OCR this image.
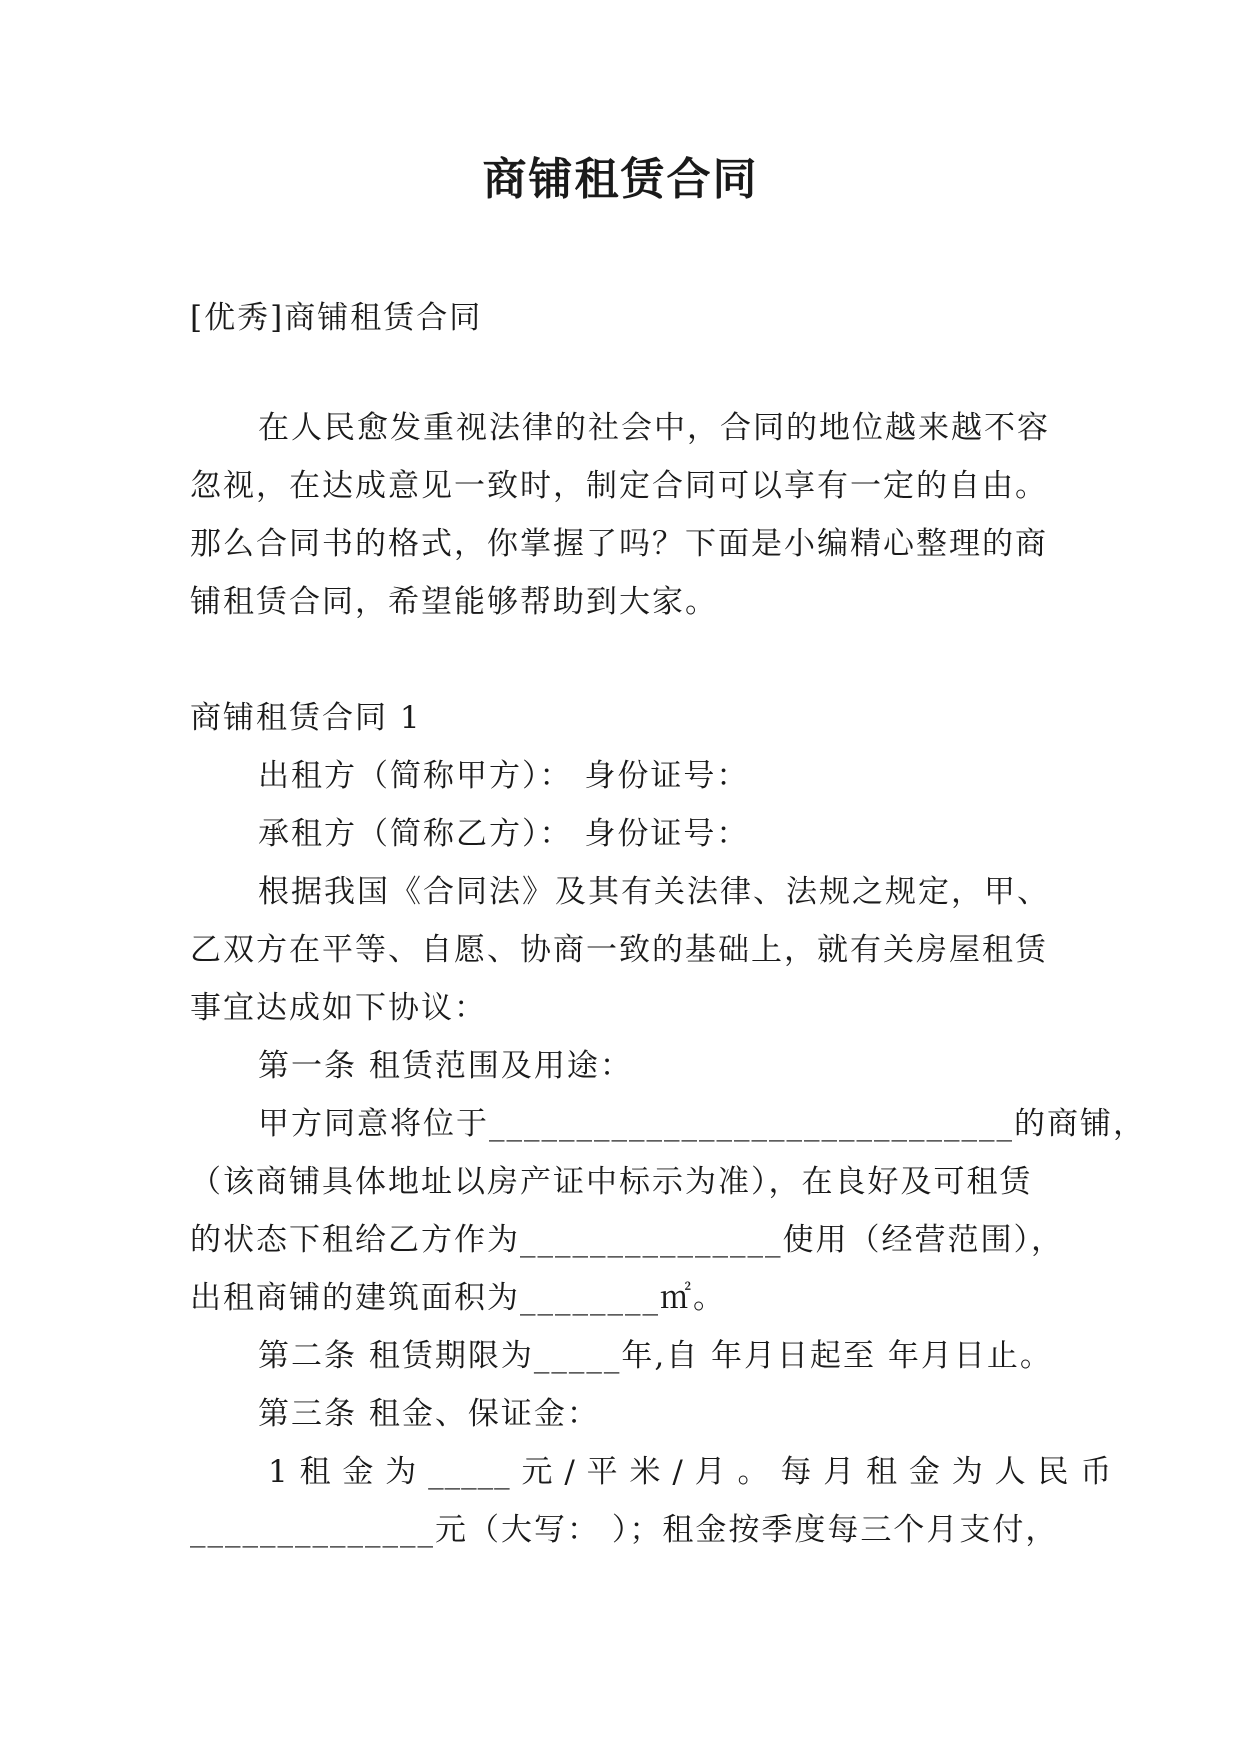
商铺租赁合同
[优秀]商铺租赁合同
在人民愈发重视法律的社会中，合同的地位越来越不容
忽视，在达成意见一致时，制定合同可以享有一定的自由。
那么合同书的格式，你掌握了吗？下面是小编精心整理的商
铺租赁合同，希望能够帮助到大家。
商铺租赁合同 1
出租方（简称甲方）： 身份证号：
承租方（简称乙方）： 身份证号：
根据我国《合同法》及其有关法律、法规之规定，甲、
乙双方在平等、自愿、协商一致的基础上，就有关房屋租赁
事宜达成如下协议：
第一条 租赁范围及用途：
甲方同意将位于______________________________的商铺，
（该商铺具体地址以房产证中标示为准），在良好及可租赁
的状态下租给乙方作为_______________使用（经营范围），
出租商铺的建筑面积为________㎡。
第二条 租赁期限为_____年,自 年月日起至 年月日止。
第三条 租金、保证金：
1 租 金 为 _____ 元 / 平 米 / 月 。 每 月 租 金 为 人 民 币
______________元（大写： ）；租金按季度每三个月支付，
